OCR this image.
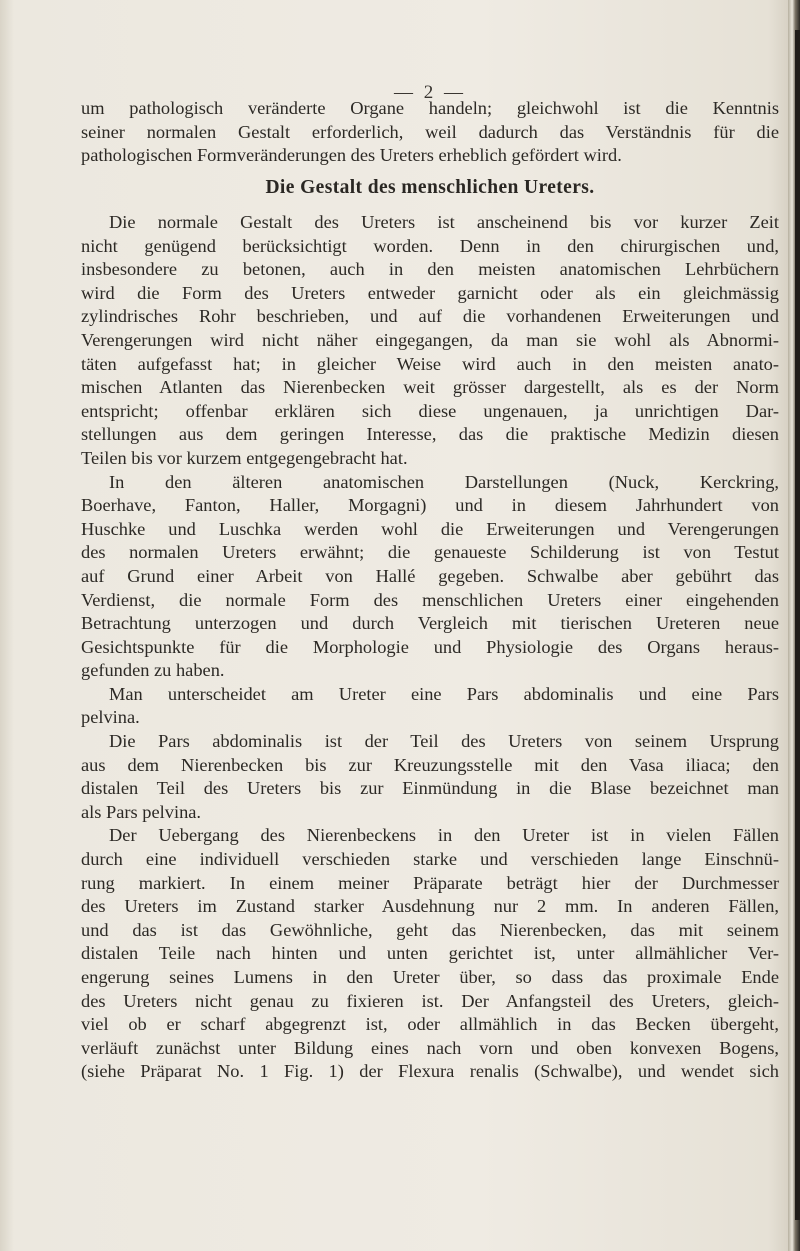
— 2 —
um pathologisch veränderte Organe handeln; gleichwohl ist die Kenntnis
seiner normalen Gestalt erforderlich, weil dadurch das Verständnis für die
pathologischen Formveränderungen des Ureters erheblich gefördert wird.
Die Gestalt des menschlichen Ureters.
Die normale Gestalt des Ureters ist anscheinend bis vor kurzer Zeit
nicht genügend berücksichtigt worden. Denn in den chirurgischen und,
insbesondere zu betonen, auch in den meisten anatomischen Lehrbüchern
wird die Form des Ureters entweder garnicht oder als ein gleichmässig
zylindrisches Rohr beschrieben, und auf die vorhandenen Erweiterungen und
Verengerungen wird nicht näher eingegangen, da man sie wohl als Abnormi-
täten aufgefasst hat; in gleicher Weise wird auch in den meisten anato-
mischen Atlanten das Nierenbecken weit grösser dargestellt, als es der Norm
entspricht; offenbar erklären sich diese ungenauen, ja unrichtigen Dar-
stellungen aus dem geringen Interesse, das die praktische Medizin diesen
Teilen bis vor kurzem entgegengebracht hat.
In den älteren anatomischen Darstellungen (Nuck, Kerckring,
Boerhave, Fanton, Haller, Morgagni) und in diesem Jahrhundert von
Huschke und Luschka werden wohl die Erweiterungen und Verengerungen
des normalen Ureters erwähnt; die genaueste Schilderung ist von Testut
auf Grund einer Arbeit von Hallé gegeben. Schwalbe aber gebührt das
Verdienst, die normale Form des menschlichen Ureters einer eingehenden
Betrachtung unterzogen und durch Vergleich mit tierischen Ureteren neue
Gesichtspunkte für die Morphologie und Physiologie des Organs heraus-
gefunden zu haben.
Man unterscheidet am Ureter eine Pars abdominalis und eine Pars
pelvina.
Die Pars abdominalis ist der Teil des Ureters von seinem Ursprung
aus dem Nierenbecken bis zur Kreuzungsstelle mit den Vasa iliaca; den
distalen Teil des Ureters bis zur Einmündung in die Blase bezeichnet man
als Pars pelvina.
Der Uebergang des Nierenbeckens in den Ureter ist in vielen Fällen
durch eine individuell verschieden starke und verschieden lange Einschnü-
rung markiert. In einem meiner Präparate beträgt hier der Durchmesser
des Ureters im Zustand starker Ausdehnung nur 2 mm. In anderen Fällen,
und das ist das Gewöhnliche, geht das Nierenbecken, das mit seinem
distalen Teile nach hinten und unten gerichtet ist, unter allmählicher Ver-
engerung seines Lumens in den Ureter über, so dass das proximale Ende
des Ureters nicht genau zu fixieren ist. Der Anfangsteil des Ureters, gleich-
viel ob er scharf abgegrenzt ist, oder allmählich in das Becken übergeht,
verläuft zunächst unter Bildung eines nach vorn und oben konvexen Bogens,
(siehe Präparat No. 1 Fig. 1) der Flexura renalis (Schwalbe), und wendet sich
